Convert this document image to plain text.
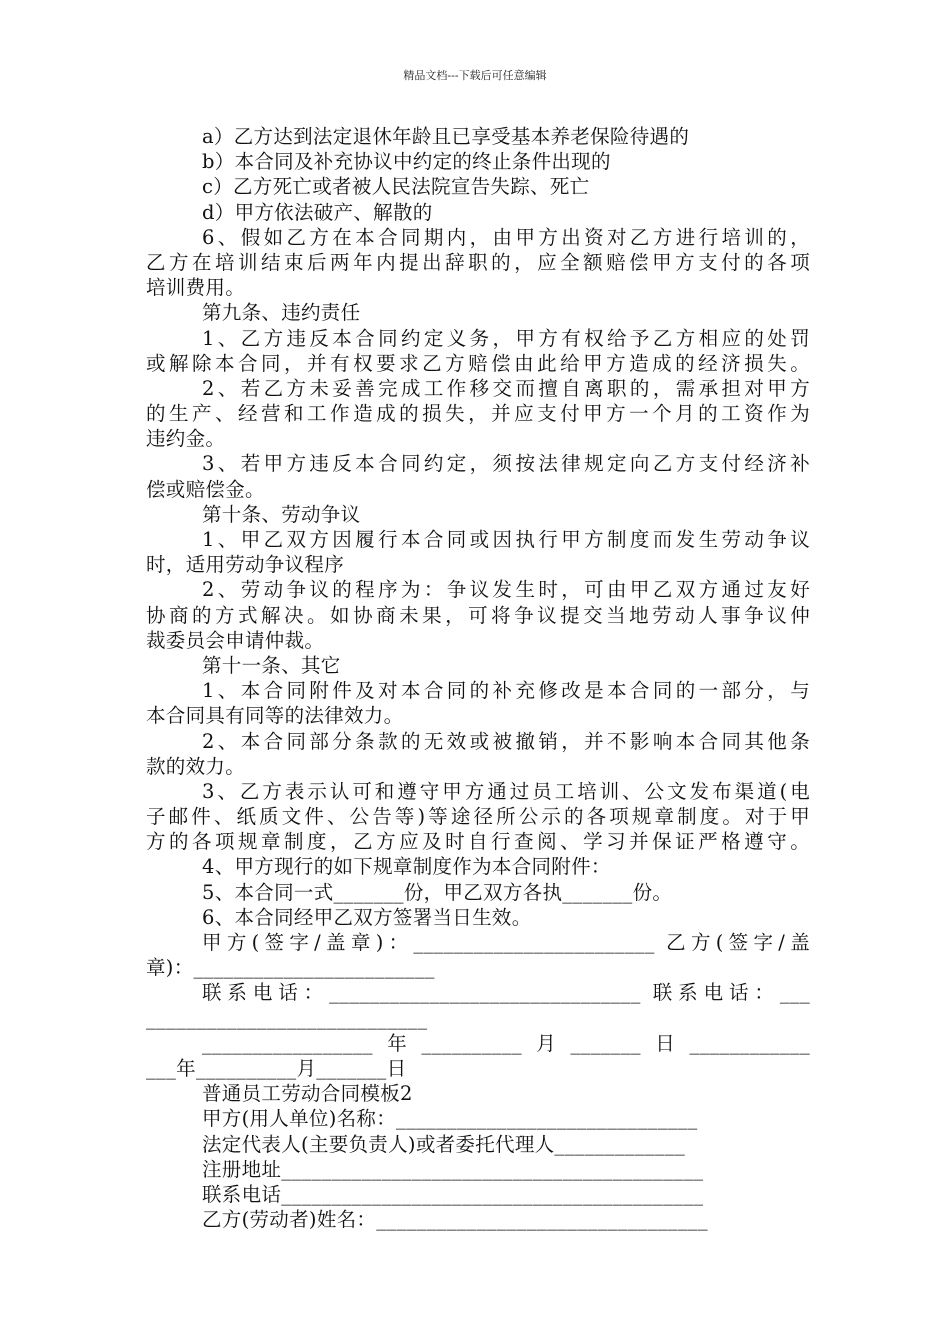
精品文档---下载后可任意编辑
a）乙方达到法定退休年龄且已享受基本养老保险待遇的
b）本合同及补充协议中约定的终止条件出现的
c）乙方死亡或者被人民法院宣告失踪、死亡
d）甲方依法破产、解散的
6、假如乙方在本合同期内，由甲方出资对乙方进行培训的，
乙方在培训结束后两年内提出辞职的，应全额赔偿甲方支付的各项
培训费用。
第九条、违约责任
1、乙方违反本合同约定义务，甲方有权给予乙方相应的处罚
或解除本合同，并有权要求乙方赔偿由此给甲方造成的经济损失。
2、若乙方未妥善完成工作移交而擅自离职的，需承担对甲方
的生产、经营和工作造成的损失，并应支付甲方一个月的工资作为
违约金。
3、若甲方违反本合同约定，须按法律规定向乙方支付经济补
偿或赔偿金。
第十条、劳动争议
1、甲乙双方因履行本合同或因执行甲方制度而发生劳动争议
时，适用劳动争议程序
2、劳动争议的程序为：争议发生时，可由甲乙双方通过友好
协商的方式解决。如协商未果，可将争议提交当地劳动人事争议仲
裁委员会申请仲裁。
第十一条、其它
1、本合同附件及对本合同的补充修改是本合同的一部分，与
本合同具有同等的法律效力。
2、本合同部分条款的无效或被撤销，并不影响本合同其他条
款的效力。
3、乙方表示认可和遵守甲方通过员工培训、公文发布渠道(电
子邮件、纸质文件、公告等)等途径所公示的各项规章制度。对于甲
方的各项规章制度，乙方应及时自行查阅、学习并保证严格遵守。
4、甲方现行的如下规章制度作为本合同附件：
5、本合同一式_______份，甲乙双方各执_______份。
6、本合同经甲乙双方签署当日生效。
甲方(签字/盖章)：________________________ 乙方(签字/盖
章)：________________________
联系电话：_______________________________ 联系电话：___
____________________________
_________________年__________月_______日____________
___年__________月_______日
普通员工劳动合同模板2
甲方(用人单位)名称：______________________________
法定代表人(主要负责人)或者委托代理人_____________
注册地址__________________________________________
联系电话__________________________________________
乙方(劳动者)姓名：_________________________________
